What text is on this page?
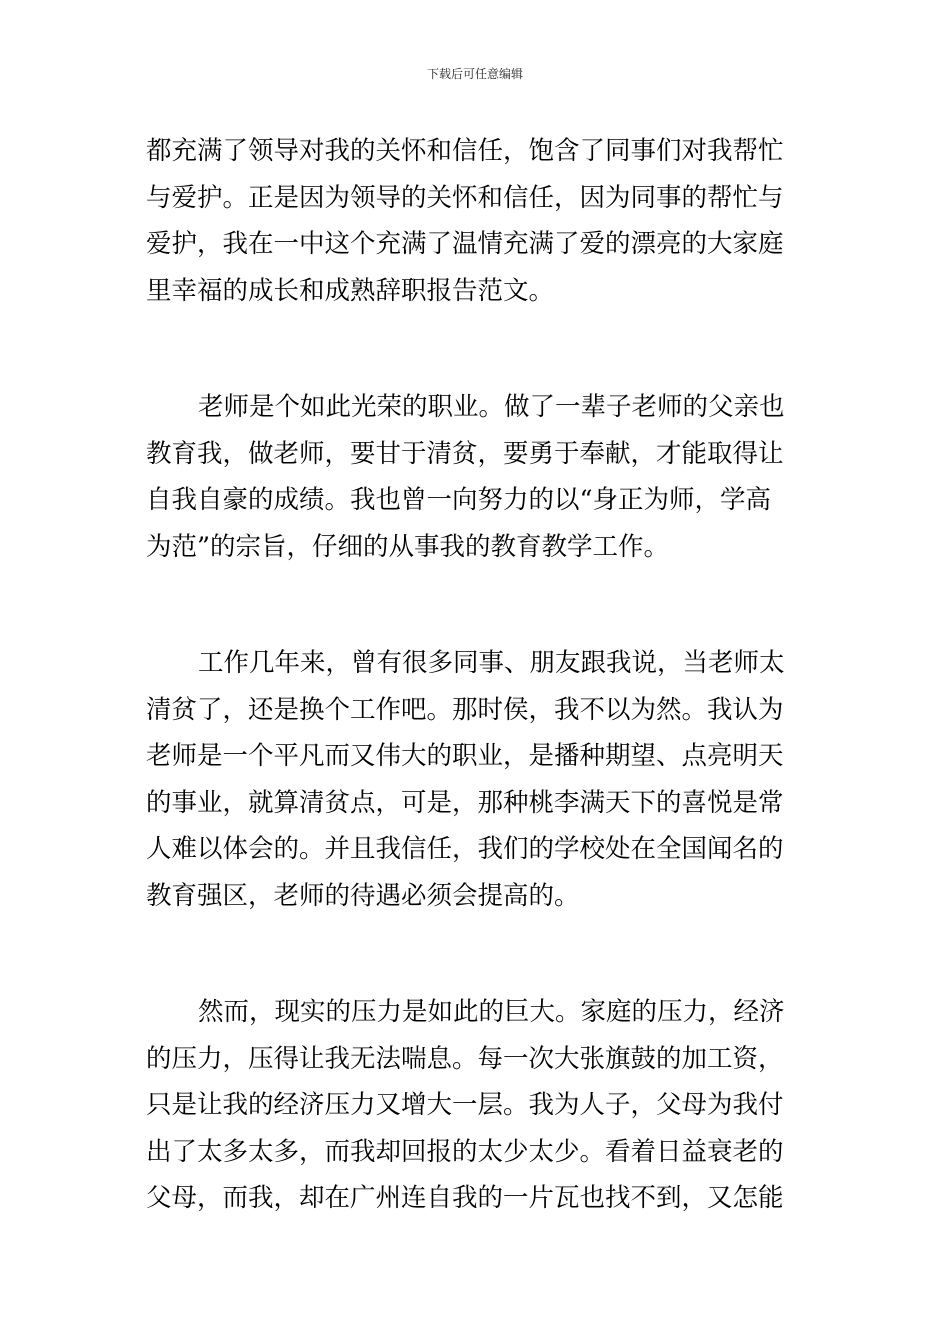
下载后可任意编辑
都充满了领导对我的关怀和信任，饱含了同事们对我帮忙
与爱护。正是因为领导的关怀和信任，因为同事的帮忙与
爱护，我在一中这个充满了温情充满了爱的漂亮的大家庭
里幸福的成长和成熟辞职报告范文。
老师是个如此光荣的职业。做了一辈子老师的父亲也
教育我，做老师，要甘于清贫，要勇于奉献，才能取得让
自我自豪的成绩。我也曾一向努力的以“身正为师，学高
为范”的宗旨，仔细的从事我的教育教学工作。
工作几年来，曾有很多同事、朋友跟我说，当老师太
清贫了，还是换个工作吧。那时侯，我不以为然。我认为
老师是一个平凡而又伟大的职业，是播种期望、点亮明天
的事业，就算清贫点，可是，那种桃李满天下的喜悦是常
人难以体会的。并且我信任，我们的学校处在全国闻名的
教育强区，老师的待遇必须会提高的。
然而，现实的压力是如此的巨大。家庭的压力，经济
的压力，压得让我无法喘息。每一次大张旗鼓的加工资，
只是让我的经济压力又增大一层。我为人子，父母为我付
出了太多太多，而我却回报的太少太少。看着日益衰老的
父母，而我，却在广州连自我的一片瓦也找不到，又怎能
